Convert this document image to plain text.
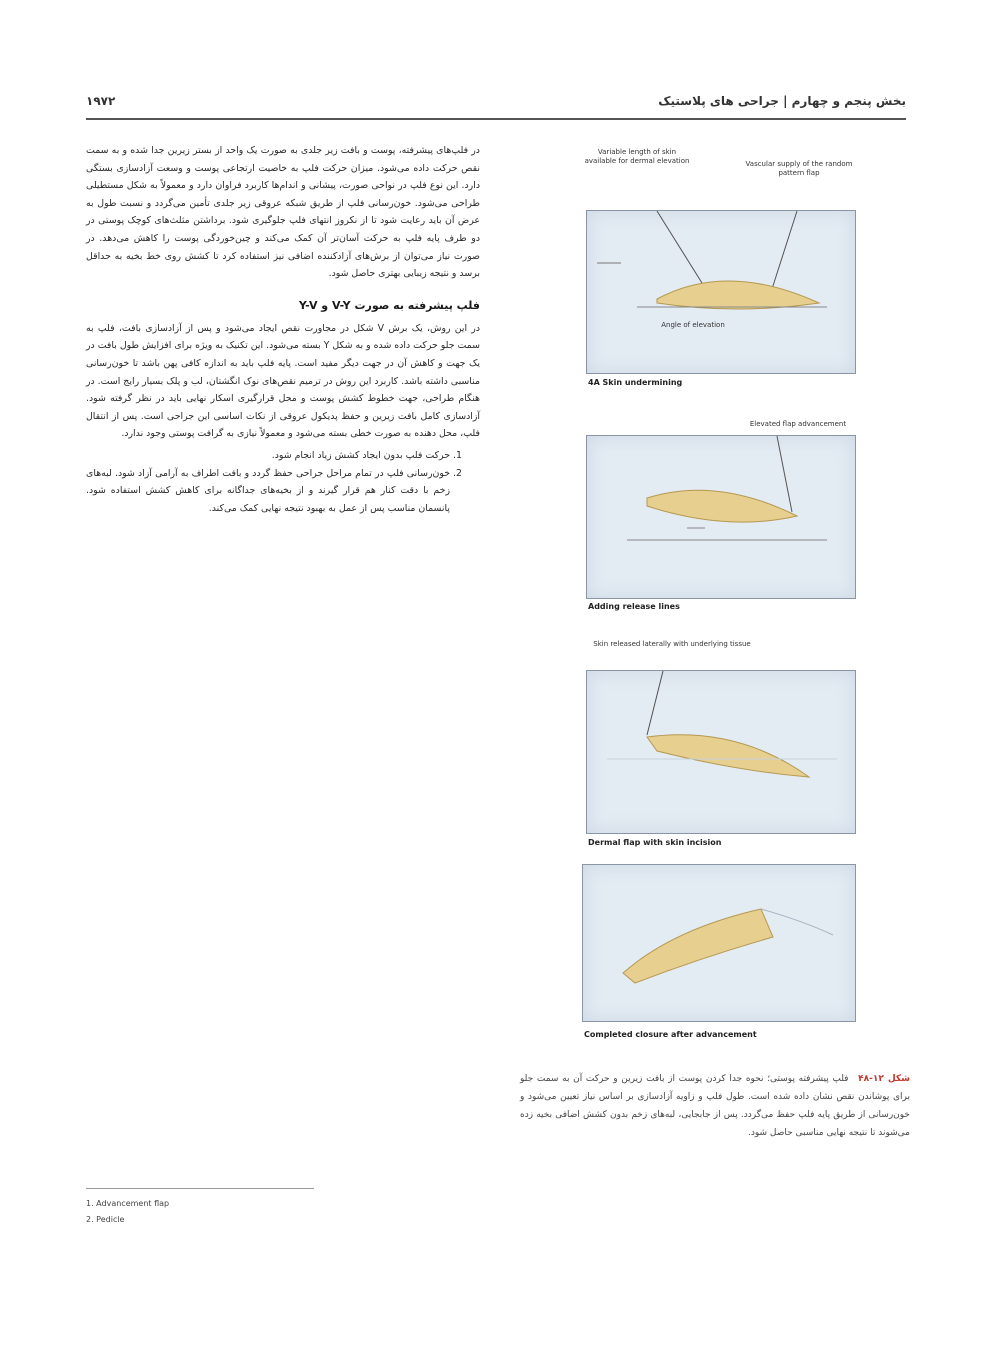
۱۹۷۲	بخش پنجم و چهارم | جراحی های پلاستیک
Variable length of skin available for dermal elevation	Vascular supply of the random pattern flap
Angle of elevation
4A Skin undermining
Elevated flap advancement
Adding release lines
Skin released laterally with underlying tissue
Dermal flap with skin incision
Completed closure after advancement
شکل ۱۲-۴۸ فلپ پیشرفته پوستی؛ نحوه جدا کردن پوست از بافت زیرین و حرکت آن به سمت جلو برای پوشاندن نقص نشان داده شده است. طول فلپ و زاویه آزادسازی بر اساس نیاز تعیین می‌شود و خون‌رسانی از طریق پایه فلپ حفظ می‌گردد. پس از جابجایی، لبه‌های زخم بدون کشش اضافی بخیه زده می‌شوند تا نتیجه نهایی مناسبی حاصل شود.

در فلپ‌های پیشرفته، پوست و بافت زیر جلدی به صورت یک واحد از بستر زیرین جدا شده و به سمت نقص حرکت داده می‌شود. میزان حرکت فلپ به خاصیت ارتجاعی پوست و وسعت آزادسازی بستگی دارد. این نوع فلپ در نواحی صورت، پیشانی و اندام‌ها کاربرد فراوان دارد و معمولاً به شکل مستطیلی طراحی می‌شود. خون‌رسانی فلپ از طریق شبکه عروقی زیر جلدی تأمین می‌گردد و نسبت طول به عرض آن باید رعایت شود تا از نکروز انتهای فلپ جلوگیری شود. برداشتن مثلث‌های کوچک پوستی در دو طرف پایه فلپ به حرکت آسان‌تر آن کمک می‌کند و چین‌خوردگی پوست را کاهش می‌دهد. در صورت نیاز می‌توان از برش‌های آزادکننده اضافی نیز استفاده کرد تا کشش روی خط بخیه به حداقل برسد و نتیجه زیبایی بهتری حاصل شود.

فلپ پیشرفته به صورت V-Y و Y-V

در این روش، یک برش V شکل در مجاورت نقص ایجاد می‌شود و پس از آزادسازی بافت، فلپ به سمت جلو حرکت داده شده و به شکل Y بسته می‌شود. این تکنیک به ویژه برای افزایش طول بافت در یک جهت و کاهش آن در جهت دیگر مفید است. پایه فلپ باید به اندازه کافی پهن باشد تا خون‌رسانی مناسبی داشته باشد. کاربرد این روش در ترمیم نقص‌های نوک انگشتان، لب و پلک بسیار رایج است. در هنگام طراحی، جهت خطوط کشش پوست و محل قرارگیری اسکار نهایی باید در نظر گرفته شود. آزادسازی کامل بافت زیرین و حفظ پدیکول عروقی از نکات اساسی این جراحی است. پس از انتقال فلپ، محل دهنده به صورت خطی بسته می‌شود و معمولاً نیازی به گرافت پوستی وجود ندارد.

1. حرکت فلپ بدون ایجاد کشش زیاد انجام شود.
2. خون‌رسانی فلپ در تمام مراحل جراحی حفظ گردد و بافت اطراف به آرامی آزاد شود. لبه‌های زخم با دقت کنار هم قرار گیرند و از بخیه‌های جداگانه برای کاهش کشش استفاده شود. پانسمان مناسب پس از عمل به بهبود نتیجه نهایی کمک می‌کند.
1. Advancement flap
2. Pedicle
